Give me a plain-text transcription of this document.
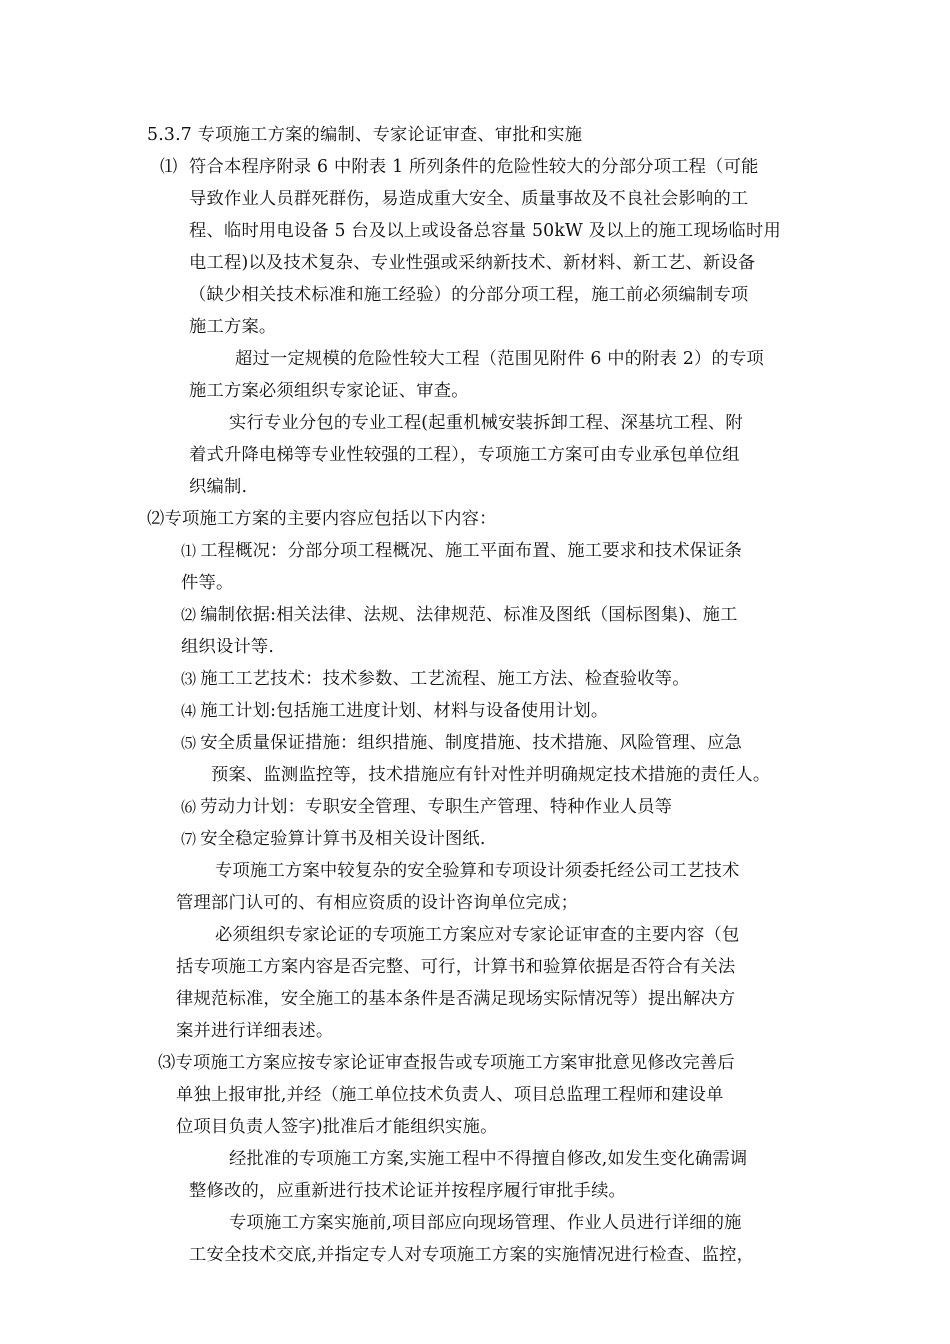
5.3.7 专项施工方案的编制、专家论证审查、审批和实施
⑴ 符合本程序附录 6 中附表 1 所列条件的危险性较大的分部分项工程（可能
导致作业人员群死群伤，易造成重大安全、质量事故及不良社会影响的工
程、临时用电设备 5 台及以上或设备总容量 50kW 及以上的施工现场临时用
电工程)以及技术复杂、专业性强或采纳新技术、新材料、新工艺、新设备
（缺少相关技术标准和施工经验）的分部分项工程，施工前必须编制专项
施工方案。
超过一定规模的危险性较大工程（范围见附件 6 中的附表 2）的专项
施工方案必须组织专家论证、审查。
实行专业分包的专业工程(起重机械安装拆卸工程、深基坑工程、附
着式升降电梯等专业性较强的工程），专项施工方案可由专业承包单位组
织编制.
⑵专项施工方案的主要内容应包括以下内容：
⑴ 工程概况：分部分项工程概况、施工平面布置、施工要求和技术保证条
件等。
⑵ 编制依据:相关法律、法规、法律规范、标准及图纸（国标图集)、施工
组织设计等.
⑶ 施工工艺技术：技术参数、工艺流程、施工方法、检查验收等。
⑷ 施工计划:包括施工进度计划、材料与设备使用计划。
⑸ 安全质量保证措施：组织措施、制度措施、技术措施、风险管理、应急
预案、监测监控等，技术措施应有针对性并明确规定技术措施的责任人。
⑹ 劳动力计划：专职安全管理、专职生产管理、特种作业人员等
⑺ 安全稳定验算计算书及相关设计图纸.
专项施工方案中较复杂的安全验算和专项设计须委托经公司工艺技术
管理部门认可的、有相应资质的设计咨询单位完成；
必须组织专家论证的专项施工方案应对专家论证审查的主要内容（包
括专项施工方案内容是否完整、可行，计算书和验算依据是否符合有关法
律规范标准，安全施工的基本条件是否满足现场实际情况等）提出解决方
案并进行详细表述。
⑶专项施工方案应按专家论证审查报告或专项施工方案审批意见修改完善后
单独上报审批,并经（施工单位技术负责人、项目总监理工程师和建设单
位项目负责人签字)批准后才能组织实施。
经批准的专项施工方案,实施工程中不得擅自修改,如发生变化确需调
整修改的，应重新进行技术论证并按程序履行审批手续。
专项施工方案实施前,项目部应向现场管理、作业人员进行详细的施
工安全技术交底,并指定专人对专项施工方案的实施情况进行检查、监控，
